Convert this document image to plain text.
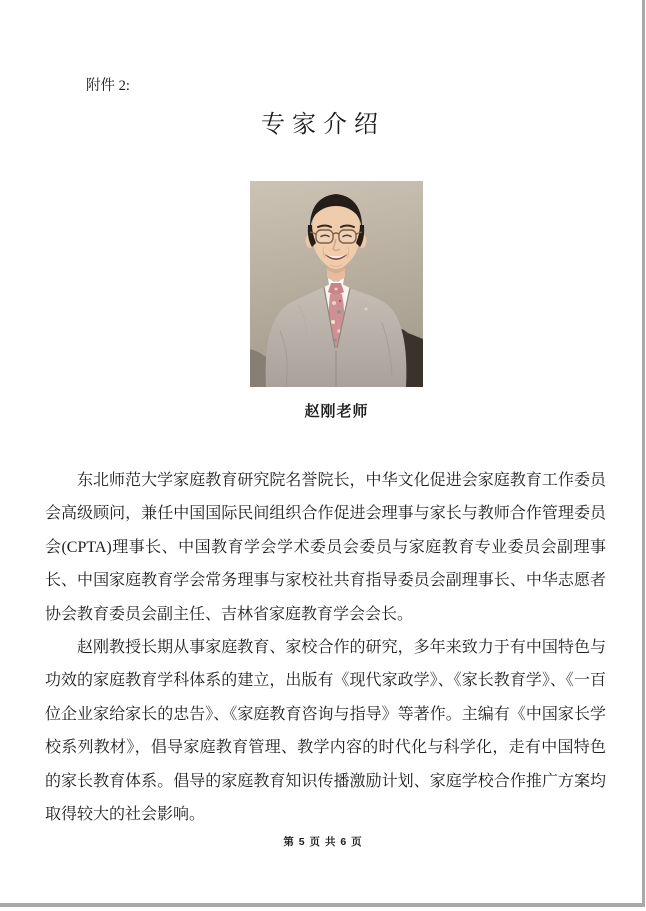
附件 2:
专家介绍
赵刚老师

东北师范大学家庭教育研究院名誉院长，中华文化促进会家庭教育工作委员会高级顾问，兼任中国国际民间组织合作促进会理事与家长与教师合作管理委员会(CPTA)理事长、中国教育学会学术委员会委员与家庭教育专业委员会副理事长、中国家庭教育学会常务理事与家校社共育指导委员会副理事长、中华志愿者协会教育委员会副主任、吉林省家庭教育学会会长。

赵刚教授长期从事家庭教育、家校合作的研究，多年来致力于有中国特色与功效的家庭教育学科体系的建立，出版有《现代家政学》、《家长教育学》、《一百位企业家给家长的忠告》、《家庭教育咨询与指导》等著作。主编有《中国家长学校系列教材》，倡导家庭教育管理、教学内容的时代化与科学化，走有中国特色的家长教育体系。倡导的家庭教育知识传播激励计划、家庭学校合作推广方案均取得较大的社会影响。

第 5 页 共 6 页
